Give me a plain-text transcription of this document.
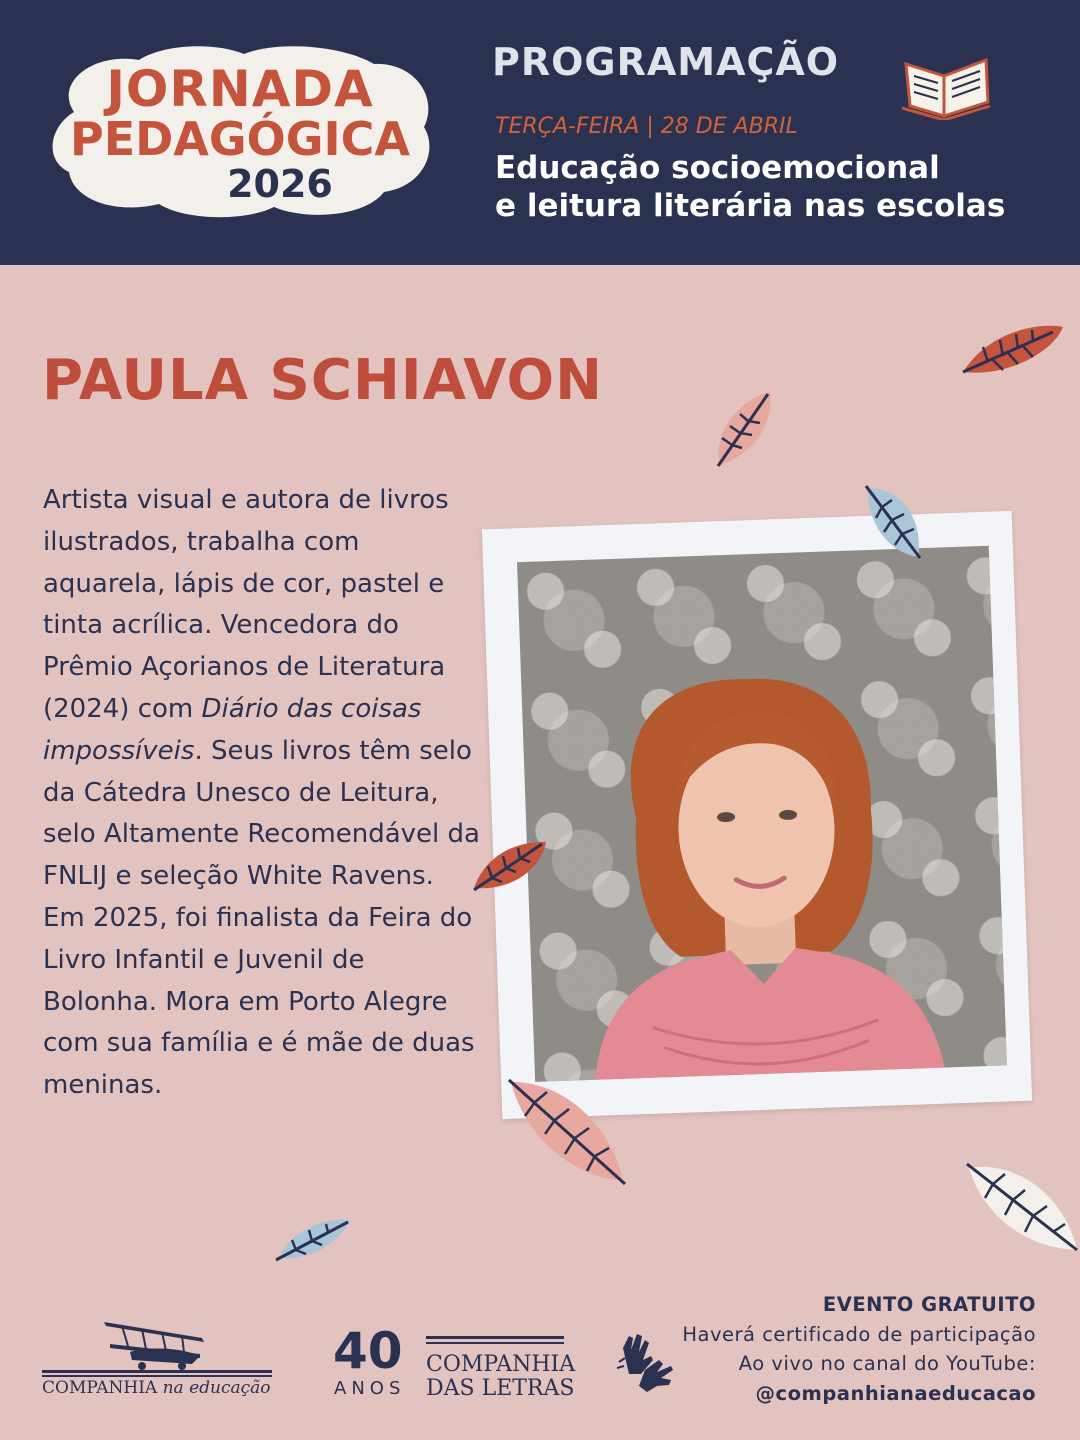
JORNADA
PEDAGÓGICA
2026
PROGRAMAÇÃO
TERÇA-FEIRA | 28 DE ABRIL
Educação socioemocional
e leitura literária nas escolas
PAULA SCHIAVON
Artista visual e autora de livros ilustrados, trabalha com aquarela, lápis de cor, pastel e tinta acrílica. Vencedora do Prêmio Açorianos de Literatura (2024) com Diário das coisas impossíveis. Seus livros têm selo da Cátedra Unesco de Leitura, selo Altamente Recomendável da FNLIJ e seleção White Ravens. Em 2025, foi finalista da Feira do Livro Infantil e Juvenil de Bolonha. Mora em Porto Alegre com sua família e é mãe de duas meninas.
COMPANHIA na educação
40
ANOS
COMPANHIA
DAS LETRAS
EVENTO GRATUITO
Haverá certificado de participação
Ao vivo no canal do YouTube:
@companhianaeducacao
